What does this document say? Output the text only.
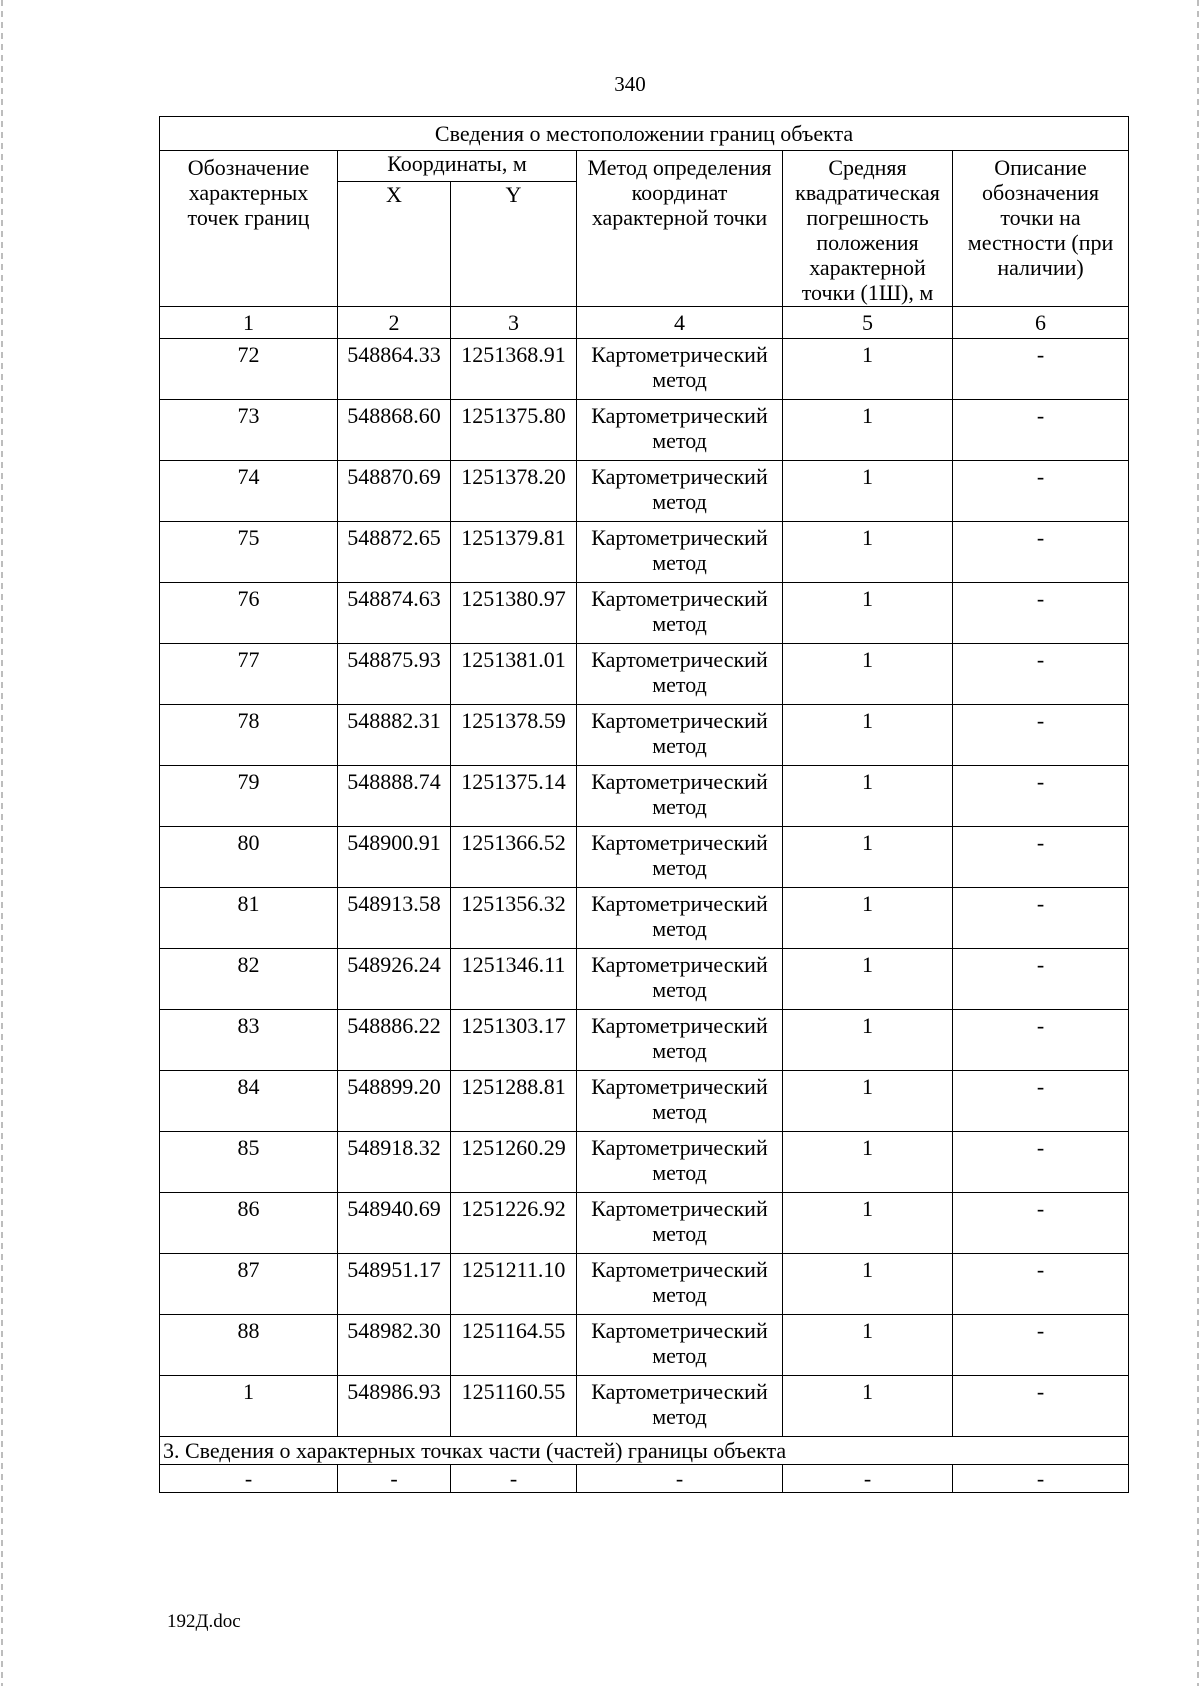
340
Сведения о местоположении границ объекта					
Обозначение характерных точек границ	Координаты, м		Метод определения координат характерной точки	Средняя квадратическая погрешность положения характерной точки (1Ш), м	Описание обозначения точки на местности (при наличии)
	X	Y			
1	2	3	4	5	6
72	548864.33	1251368.91	Картометрический метод	1	-
73	548868.60	1251375.80	Картометрический метод	1	-
74	548870.69	1251378.20	Картометрический метод	1	-
75	548872.65	1251379.81	Картометрический метод	1	-
76	548874.63	1251380.97	Картометрический метод	1	-
77	548875.93	1251381.01	Картометрический метод	1	-
78	548882.31	1251378.59	Картометрический метод	1	-
79	548888.74	1251375.14	Картометрический метод	1	-
80	548900.91	1251366.52	Картометрический метод	1	-
81	548913.58	1251356.32	Картометрический метод	1	-
82	548926.24	1251346.11	Картометрический метод	1	-
83	548886.22	1251303.17	Картометрический метод	1	-
84	548899.20	1251288.81	Картометрический метод	1	-
85	548918.32	1251260.29	Картометрический метод	1	-
86	548940.69	1251226.92	Картометрический метод	1	-
87	548951.17	1251211.10	Картометрический метод	1	-
88	548982.30	1251164.55	Картометрический метод	1	-
1	548986.93	1251160.55	Картометрический метод	1	-
3. Сведения о характерных точках части (частей) границы объекта					
-	-	-	-	-	-
192Д.doc
